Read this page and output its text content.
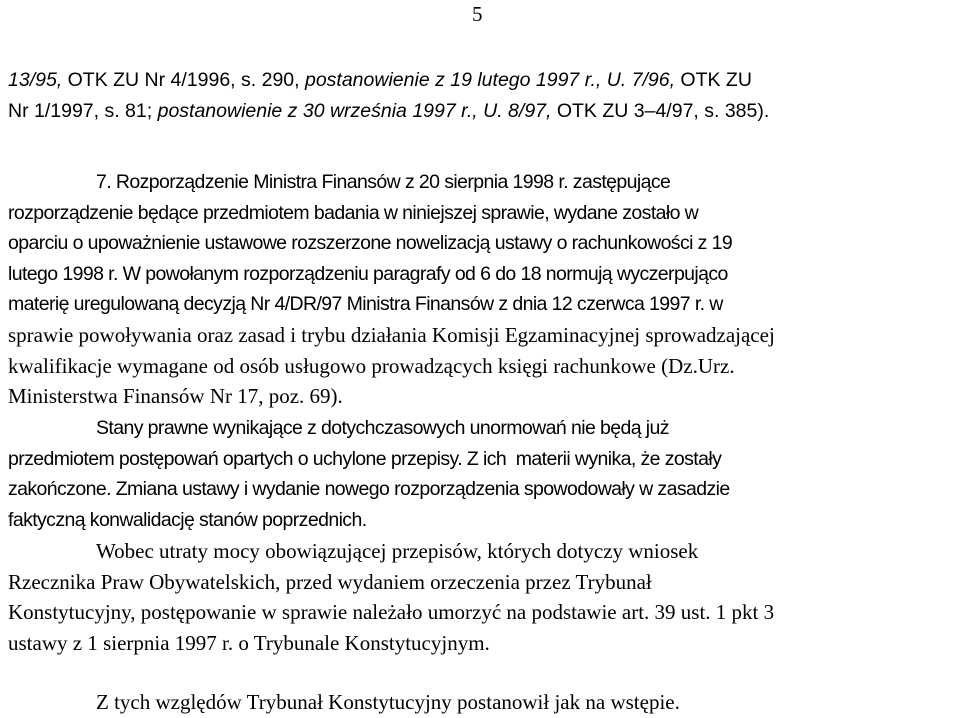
5
13/95, OTK ZU Nr 4/1996, s. 290, postanowienie z 19 lutego 1997 r., U. 7/96, OTK ZU
Nr 1/1997, s. 81; postanowienie z 30 września 1997 r., U. 8/97, OTK ZU 3–4/97, s. 385).
7. Rozporządzenie Ministra Finansów z 20 sierpnia 1998 r. zastępujące
rozporządzenie będące przedmiotem badania w niniejszej sprawie, wydane zostało w
oparciu o upoważnienie ustawowe rozszerzone nowelizacją ustawy o rachunkowości z 19
lutego 1998 r. W powołanym rozporządzeniu paragrafy od 6 do 18 normują wyczerpująco
materię uregulowaną decyzją Nr 4/DR/97 Ministra Finansów z dnia 12 czerwca 1997 r. w
sprawie powoływania oraz zasad i trybu działania Komisji Egzaminacyjnej sprowadzającej
kwalifikacje wymagane od osób usługowo prowadzących księgi rachunkowe (Dz.Urz.
Ministerstwa Finansów Nr 17, poz. 69).
Stany prawne wynikające z dotychczasowych unormowań nie będą już
przedmiotem postępowań opartych o uchylone przepisy. Z ich  materii wynika, że zostały
zakończone. Zmiana ustawy i wydanie nowego rozporządzenia spowodowały w zasadzie
faktyczną konwalidację stanów poprzednich.
Wobec utraty mocy obowiązującej przepisów, których dotyczy wniosek
Rzecznika Praw Obywatelskich, przed wydaniem orzeczenia przez Trybunał
Konstytucyjny, postępowanie w sprawie należało umorzyć na podstawie art. 39 ust. 1 pkt 3
ustawy z 1 sierpnia 1997 r. o Trybunale Konstytucyjnym.
Z tych względów Trybunał Konstytucyjny postanowił jak na wstępie.
